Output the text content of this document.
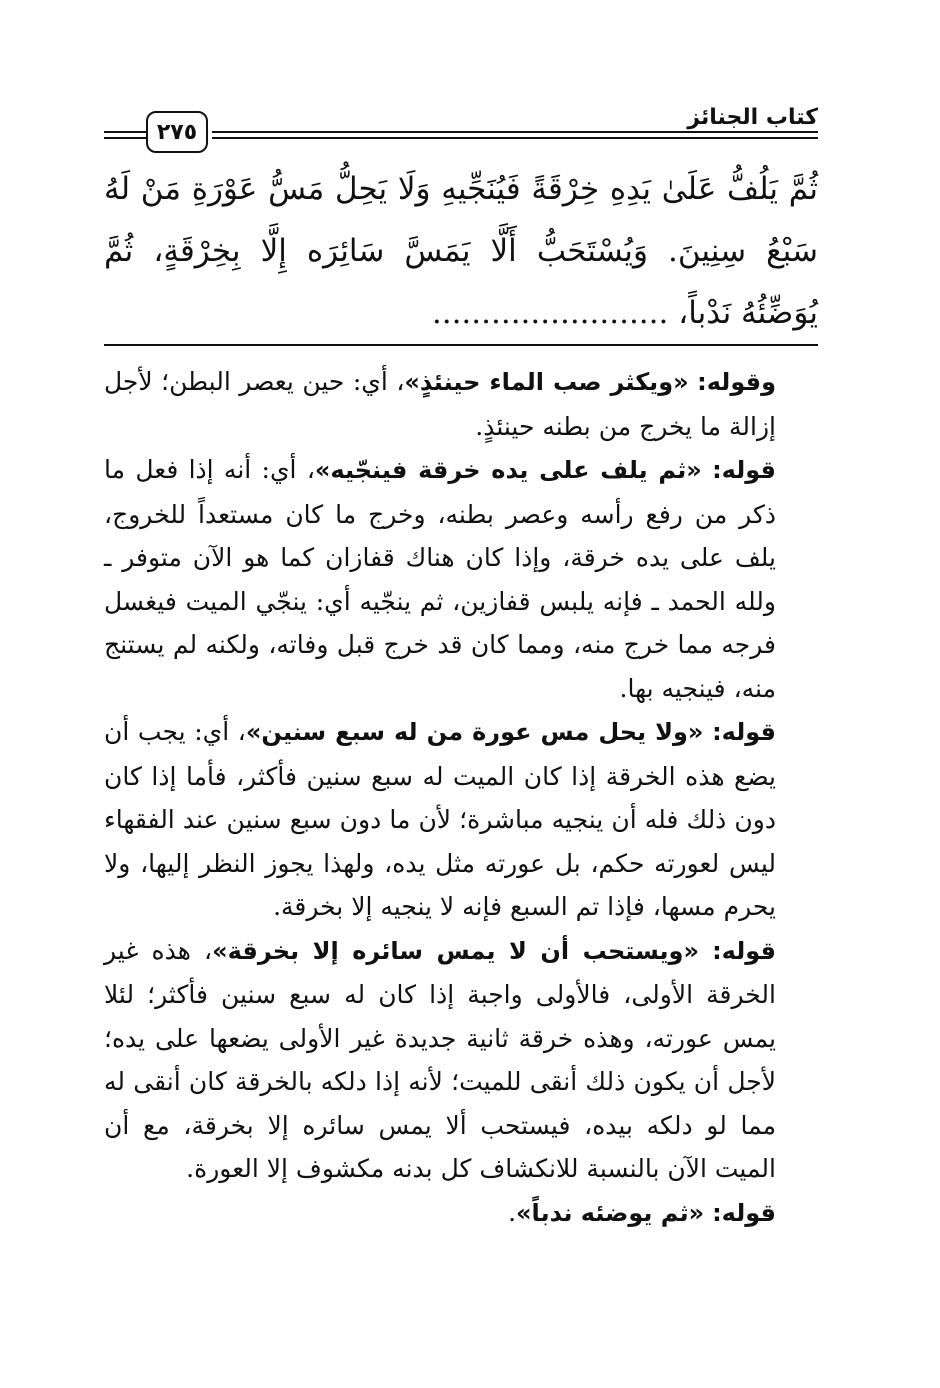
كتاب الجنائز
٢٧٥
ثُمَّ يَلُفُّ عَلَىٰ يَدِهِ خِرْقَةً فَيُنَجِّيهِ وَلَا يَحِلُّ مَسُّ عَوْرَةِ مَنْ لَهُ سَبْعُ سِنِينَ. وَيُسْتَحَبُّ أَلَّا يَمَسَّ سَائِرَه إِلَّا بِخِرْقَةٍ، ثُمَّ يُوَضِّئُهُ نَدْباً، ........................

وقوله: «ويكثر صب الماء حينئذٍ»، أي: حين يعصر البطن؛ لأجل إزالة ما يخرج من بطنه حينئذٍ.

قوله: «ثم يلف على يده خرقة فينجّيه»، أي: أنه إذا فعل ما ذكر من رفع رأسه وعصر بطنه، وخرج ما كان مستعداً للخروج، يلف على يده خرقة، وإذا كان هناك قفازان كما هو الآن متوفر ـ ولله الحمد ـ فإنه يلبس قفازين، ثم ينجّيه أي: ينجّي الميت فيغسل فرجه مما خرج منه، ومما كان قد خرج قبل وفاته، ولكنه لم يستنج منه، فينجيه بها.

قوله: «ولا يحل مس عورة من له سبع سنين»، أي: يجب أن يضع هذه الخرقة إذا كان الميت له سبع سنين فأكثر، فأما إذا كان دون ذلك فله أن ينجيه مباشرة؛ لأن ما دون سبع سنين عند الفقهاء ليس لعورته حكم، بل عورته مثل يده، ولهذا يجوز النظر إليها، ولا يحرم مسها، فإذا تم السبع فإنه لا ينجيه إلا بخرقة.

قوله: «ويستحب أن لا يمس سائره إلا بخرقة»، هذه غير الخرقة الأولى، فالأولى واجبة إذا كان له سبع سنين فأكثر؛ لئلا يمس عورته، وهذه خرقة ثانية جديدة غير الأولى يضعها على يده؛ لأجل أن يكون ذلك أنقى للميت؛ لأنه إذا دلكه بالخرقة كان أنقى له مما لو دلكه بيده، فيستحب ألا يمس سائره إلا بخرقة، مع أن الميت الآن بالنسبة للانكشاف كل بدنه مكشوف إلا العورة.

قوله: «ثم يوضئه ندباً».
